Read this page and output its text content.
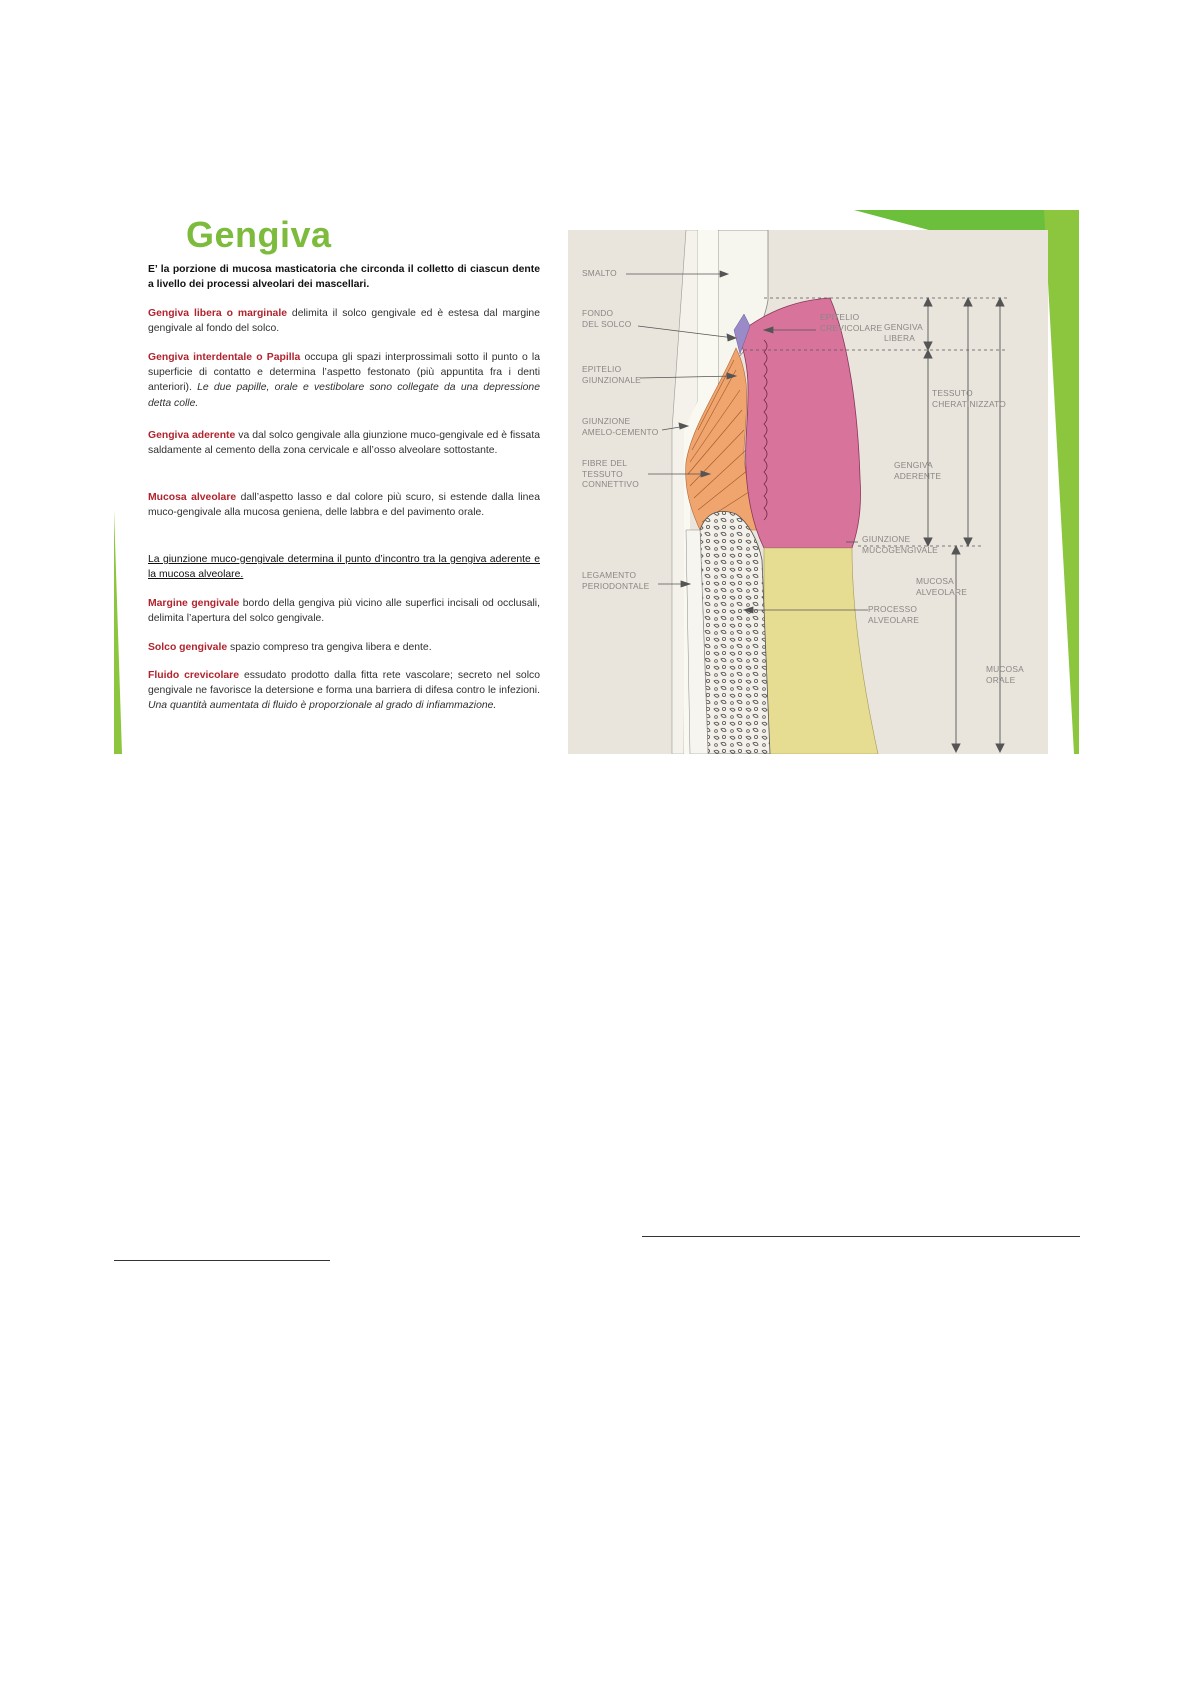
Gengiva

E’ la porzione di mucosa masticatoria che circonda il colletto di ciascun dente a livello dei processi alveolari dei mascellari.

Gengiva libera o marginale delimita il solco gengivale ed è estesa dal margine gengivale al fondo del solco.

Gengiva interdentale o Papilla occupa gli spazi interprossimali sotto il punto o la superficie di contatto e determina l’aspetto festonato (più appuntita fra i denti anteriori). Le due papille, orale e vestibolare sono collegate da una depressione detta colle.

Gengiva aderente va dal solco gengivale alla giunzione muco-gengivale ed è fissata saldamente al cemento della zona cervicale e all’osso alveolare sottostante.

Mucosa alveolare dall’aspetto lasso e dal colore più scuro, si estende dalla linea muco-gengivale alla mucosa geniena, delle labbra e del pavimento orale.

La giunzione muco-gengivale determina il punto d’incontro tra la gengiva aderente e la mucosa alveolare.

Margine gengivale bordo della gengiva più vicino alle superfici incisali od occlusali, delimita l’apertura del solco gengivale.

Solco gengivale spazio compreso tra gengiva libera e dente.

Fluido crevicolare essudato prodotto dalla fitta rete vascolare; secreto nel solco gengivale ne favorisce la detersione e forma una barriera di difesa contro le infezioni. Una quantità aumentata di fluido è proporzionale al grado di infiammazione.

SMALTO
FONDO
DEL SOLCO
EPITELIO
GIUNZIONALE
GIUNZIONE
AMELO-CEMENTO
FIBRE DEL
TESSUTO
CONNETTIVO
LEGAMENTO
PERIODONTALE
EPITELIO
CREVICOLARE GENGIVA
LIBERA
TESSUTO
CHERATINIZZATO
GENGIVA
ADERENTE
GIUNZIONE
MUCOGENGIVALE
MUCOSA
ALVEOLARE
PROCESSO
ALVEOLARE
MUCOSA
ORALE
